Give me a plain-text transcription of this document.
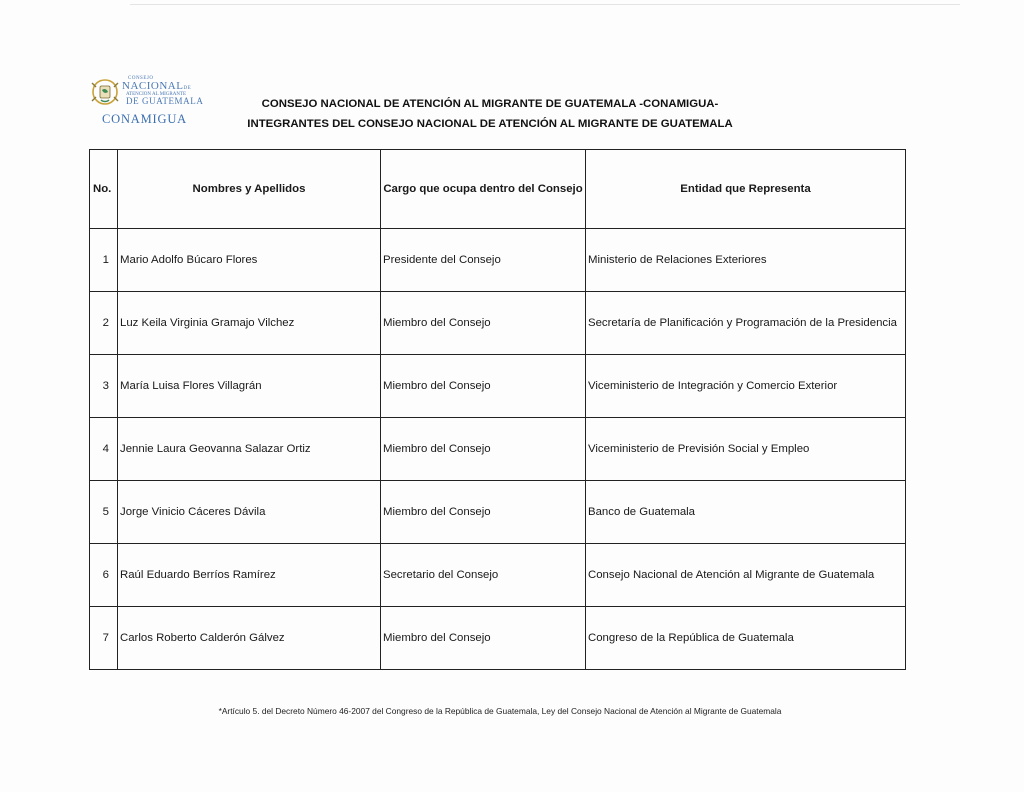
CONSEJO
NACIONALDE
ATENCION AL MIGRANTE
DE GUATEMALA
CONAMIGUA
CONSEJO NACIONAL DE ATENCIÓN AL MIGRANTE DE GUATEMALA -CONAMIGUA-
INTEGRANTES DEL CONSEJO NACIONAL DE ATENCIÓN AL MIGRANTE DE GUATEMALA
No.	Nombres y Apellidos	Cargo que ocupa dentro del Consejo	Entidad que Representa
1	Mario Adolfo Búcaro Flores	Presidente del Consejo	Ministerio de Relaciones Exteriores
2	Luz Keila Virginia Gramajo Vilchez	Miembro del Consejo	Secretaría de Planificación y Programación de la Presidencia
3	María Luisa Flores Villagrán	Miembro del Consejo	Viceministerio de Integración y Comercio Exterior
4	Jennie Laura Geovanna Salazar Ortiz	Miembro del Consejo	Viceministerio de Previsión Social y Empleo
5	Jorge Vinicio Cáceres Dávila	Miembro del Consejo	Banco de Guatemala
6	Raúl Eduardo Berríos Ramírez	Secretario del Consejo	Consejo Nacional de Atención al Migrante de Guatemala
7	Carlos Roberto Calderón Gálvez	Miembro del Consejo	Congreso de la República de Guatemala
*Artículo 5. del Decreto Número 46-2007 del Congreso de la República de Guatemala, Ley del Consejo Nacional de Atención al Migrante de Guatemala
